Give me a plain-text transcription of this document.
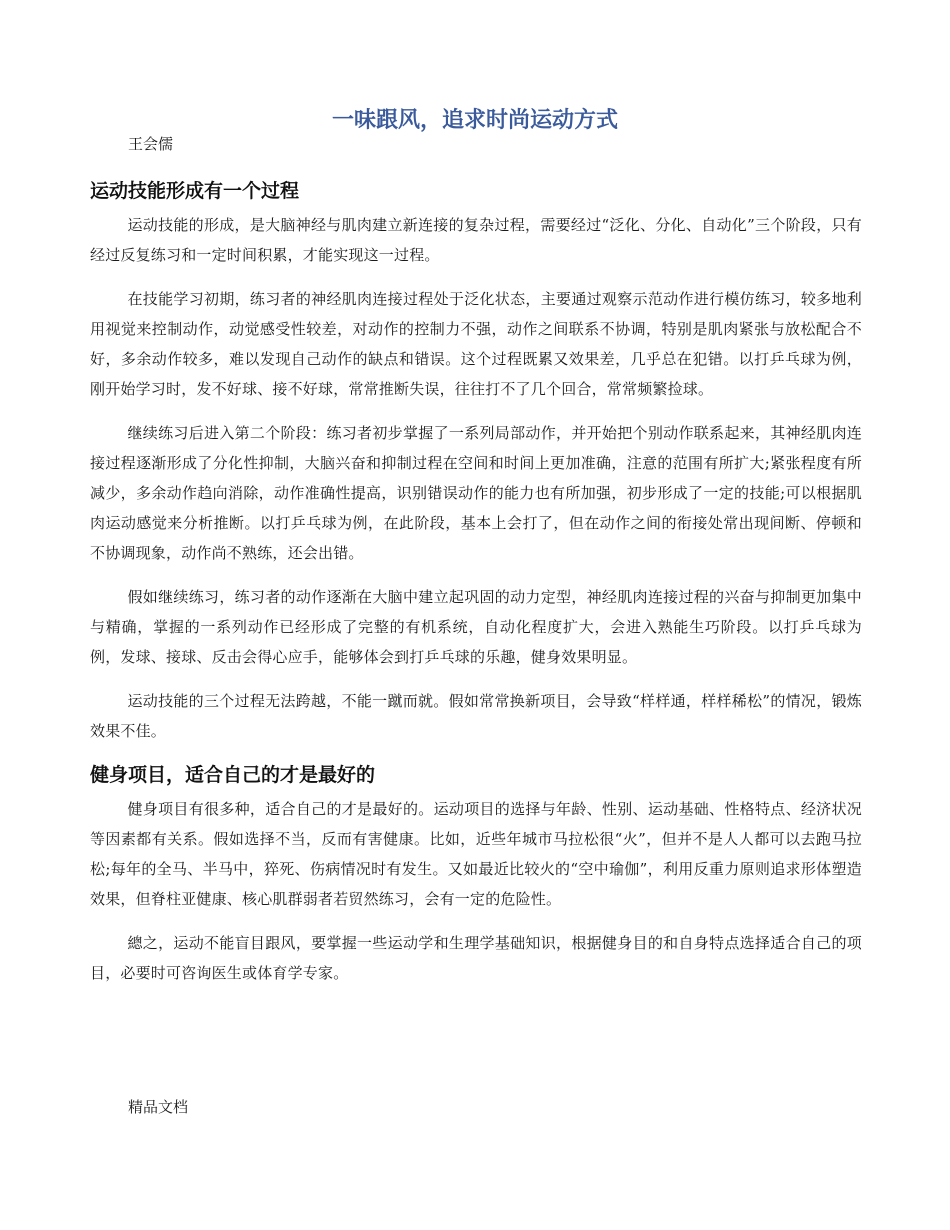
一味跟风，追求时尚运动方式
王会儒
运动技能形成有一个过程

运动技能的形成，是大脑神经与肌肉建立新连接的复杂过程，需要经过“泛化、分化、自动化”三个阶段，只有经过反复练习和一定时间积累，才能实现这一过程。

在技能学习初期，练习者的神经肌肉连接过程处于泛化状态，主要通过观察示范动作进行模仿练习，较多地利用视觉来控制动作，动觉感受性较差，对动作的控制力不强，动作之间联系不协调，特别是肌肉紧张与放松配合不好，多余动作较多，难以发现自己动作的缺点和错误。这个过程既累又效果差，几乎总在犯错。以打乒乓球为例，刚开始学习时，发不好球、接不好球，常常推断失误，往往打不了几个回合，常常频繁捡球。

继续练习后进入第二个阶段：练习者初步掌握了一系列局部动作，并开始把个别动作联系起来，其神经肌肉连接过程逐渐形成了分化性抑制，大脑兴奋和抑制过程在空间和时间上更加准确，注意的范围有所扩大;紧张程度有所减少，多余动作趋向消除，动作准确性提高，识别错误动作的能力也有所加强，初步形成了一定的技能;可以根据肌肉运动感觉来分析推断。以打乒乓球为例，在此阶段，基本上会打了，但在动作之间的衔接处常出现间断、停顿和不协调现象，动作尚不熟练，还会出错。

假如继续练习，练习者的动作逐渐在大脑中建立起巩固的动力定型，神经肌肉连接过程的兴奋与抑制更加集中与精确，掌握的一系列动作已经形成了完整的有机系统，自动化程度扩大，会进入熟能生巧阶段。以打乒乓球为例，发球、接球、反击会得心应手，能够体会到打乒乓球的乐趣，健身效果明显。

运动技能的三个过程无法跨越，不能一蹴而就。假如常常换新项目，会导致“样样通，样样稀松”的情况，锻炼效果不佳。

健身项目，适合自己的才是最好的

健身项目有很多种，适合自己的才是最好的。运动项目的选择与年龄、性别、运动基础、性格特点、经济状况等因素都有关系。假如选择不当，反而有害健康。比如，近些年城市马拉松很“火”，但并不是人人都可以去跑马拉松;每年的全马、半马中，猝死、伤病情况时有发生。又如最近比较火的“空中瑜伽”，利用反重力原则追求形体塑造效果，但脊柱亚健康、核心肌群弱者若贸然练习，会有一定的危险性。

總之，运动不能盲目跟风，要掌握一些运动学和生理学基础知识，根据健身目的和自身特点选择适合自己的项目，必要时可咨询医生或体育学专家。

精品文档
